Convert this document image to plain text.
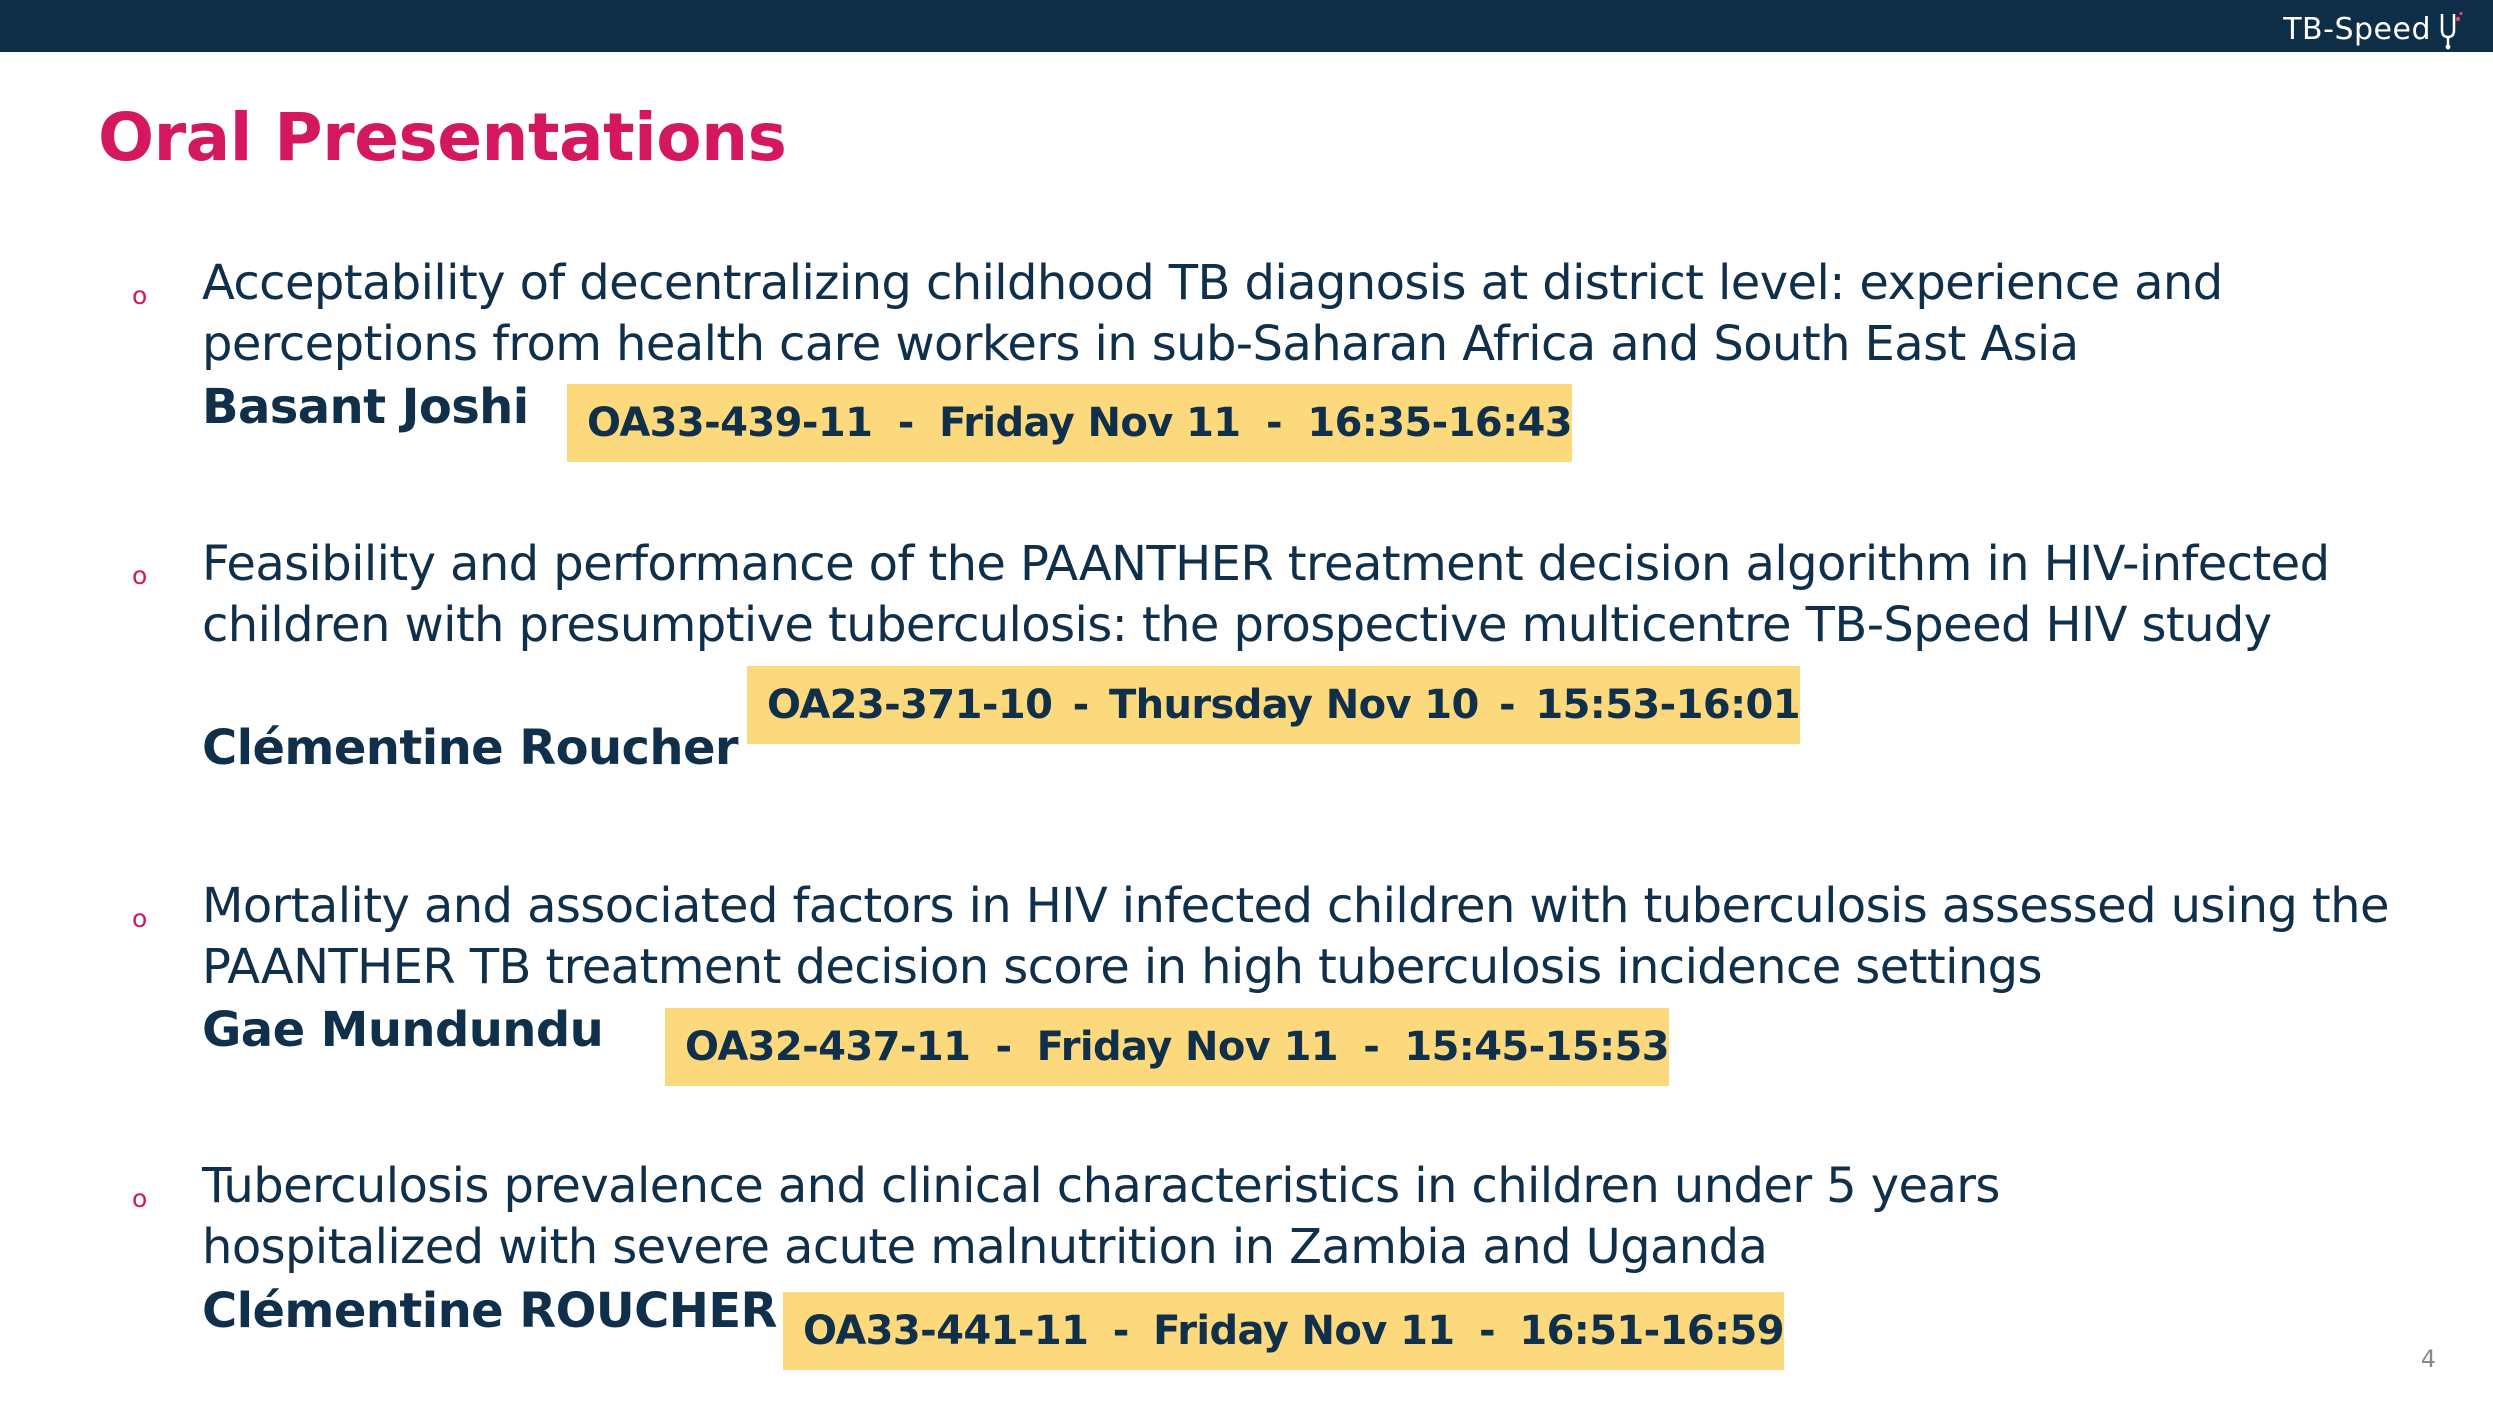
TB-Speed
Oral Presentations
o Acceptability of decentralizing childhood TB diagnosis at district level: experience and perceptions from health care workers in sub-Saharan Africa and South East Asia

Basant Joshi OA33-439-11 - Friday Nov 11 - 16:35-16:43
o Feasibility and performance of the PAANTHER treatment decision algorithm in HIV-infected children with presumptive tuberculosis: the prospective multicentre TB-Speed HIV study

Clémentine Roucher

OA23-371-10 - Thursday Nov 10 - 15:53-16:01
o Mortality and associated factors in HIV infected children with tuberculosis assessed using the PAANTHER TB treatment decision score in high tuberculosis incidence settings

Gae Mundundu OA32-437-11 - Friday Nov 11 - 15:45-15:53
o Tuberculosis prevalence and clinical characteristics in children under 5 years hospitalized with severe acute malnutrition in Zambia and Uganda

Clémentine ROUCHER OA33-441-11 - Friday Nov 11 - 16:51-16:59
4
